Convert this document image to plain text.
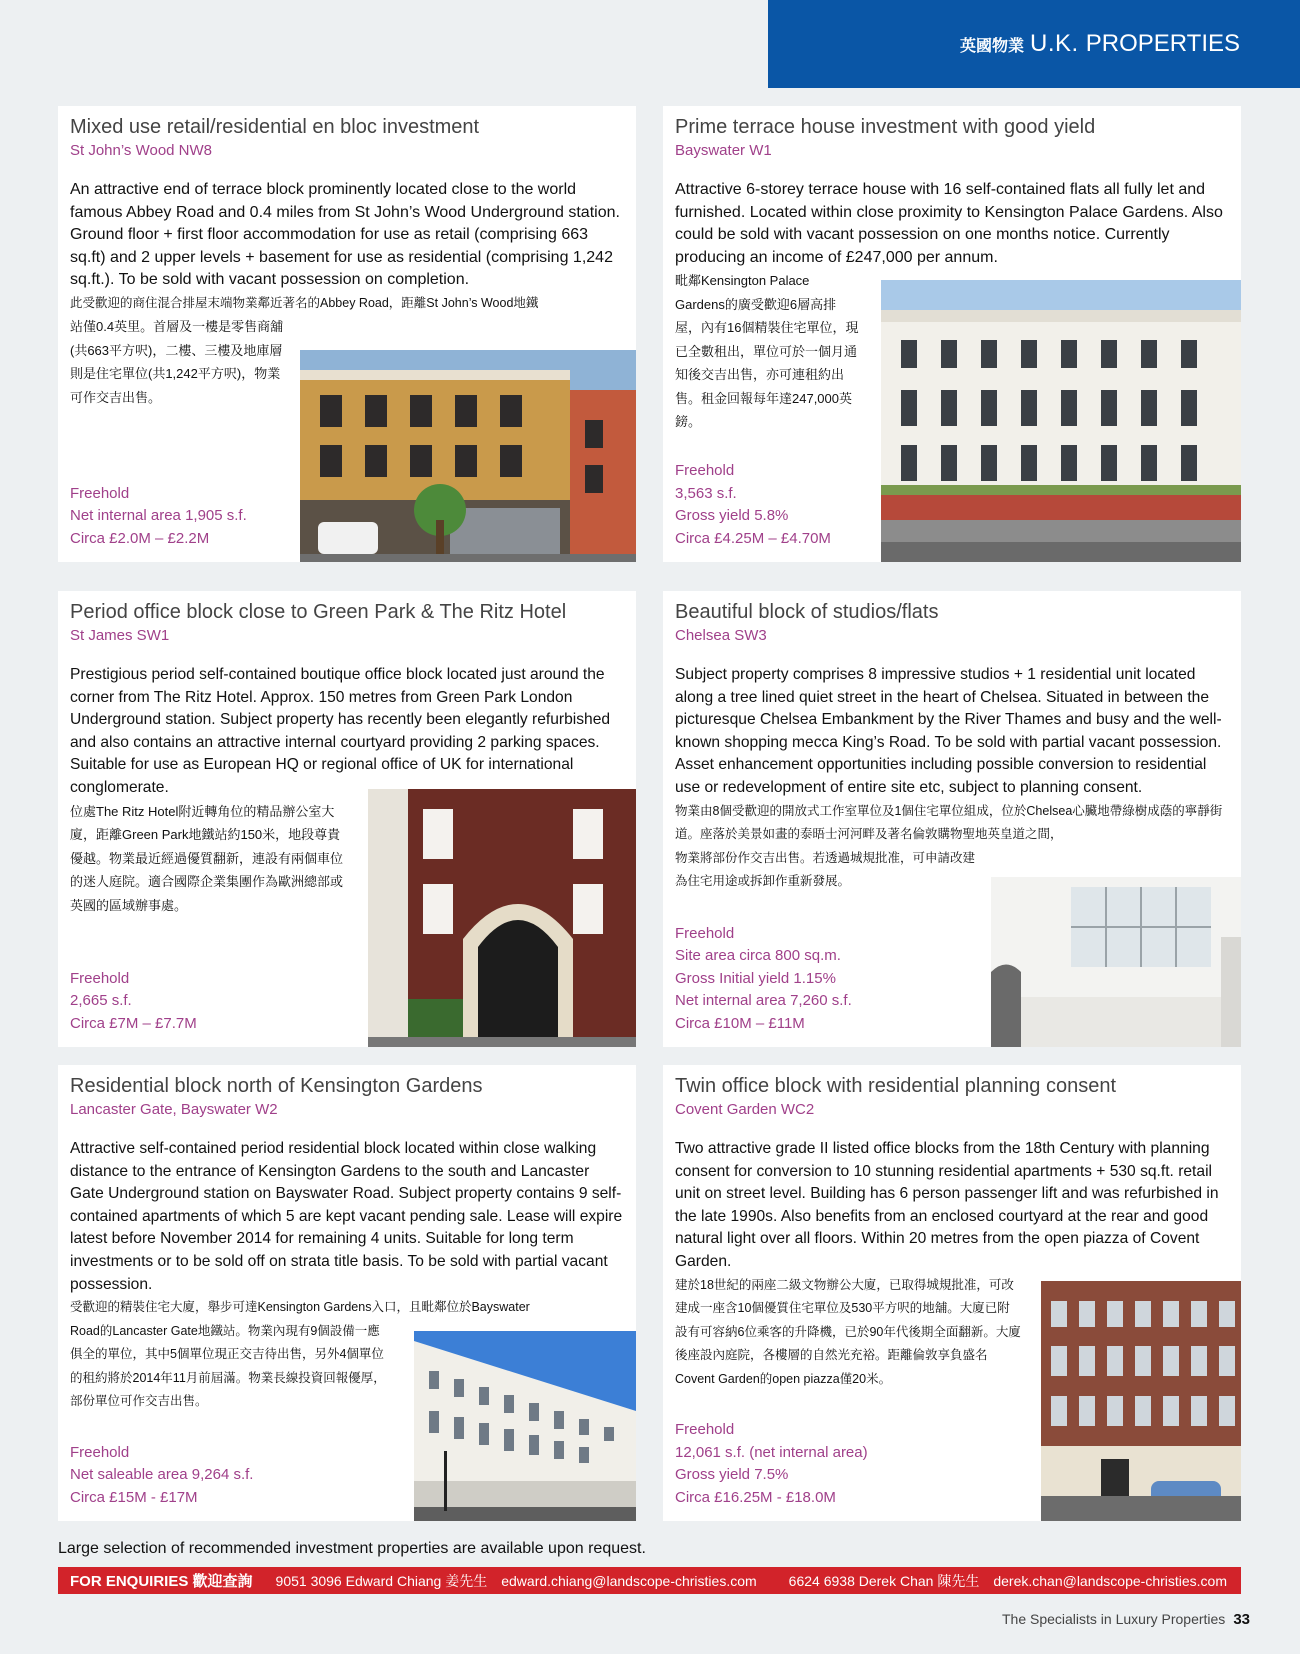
英國物業 U.K. PROPERTIES

Mixed use retail/residential en bloc investment

St John’s Wood NW8

An attractive end of terrace block prominently located close to the world famous Abbey Road and 0.4 miles from St John’s Wood Underground station. Ground floor + first floor accommodation for use as retail (comprising 663 sq.ft) and 2 upper levels + basement for use as residential (comprising 1,242 sq.ft.). To be sold with vacant possession on completion.

此受歡迎的商住混合排屋末端物業鄰近著名的Abbey Road，距離St John’s Wood地鐵

站僅0.4英里。首層及一樓是零售商舖(共663平方呎)，二樓、三樓及地庫層則是住宅單位(共1,242平方呎)，物業可作交吉出售。

Freehold
Net internal area 1,905 s.f.
Circa £2.0M – £2.2M

Prime terrace house investment with good yield

Bayswater W1

Attractive 6-storey terrace house with 16 self-contained flats all fully let and furnished. Located within close proximity to Kensington Palace Gardens. Also could be sold with vacant possession on one months notice. Currently producing an income of £247,000 per annum.

毗鄰Kensington Palace Gardens的廣受歡迎6層高排屋，內有16個精裝住宅單位，現已全數租出，單位可於一個月通知後交吉出售，亦可連租約出售。租金回報每年達247,000英鎊。

Freehold
3,563 s.f.
Gross yield 5.8%
Circa £4.25M – £4.70M

Period office block close to Green Park & The Ritz Hotel

St James SW1

Prestigious period self-contained boutique office block located just around the corner from The Ritz Hotel. Approx. 150 metres from Green Park London Underground station. Subject property has recently been elegantly refurbished and also contains an attractive internal courtyard providing 2 parking spaces. Suitable for use as European HQ or regional office of UK for international conglomerate.

位處The Ritz Hotel附近轉角位的精品辦公室大廈，距離Green Park地鐵站約150米，地段尊貴優越。物業最近經過優質翻新，連設有兩個車位的迷人庭院。適合國際企業集團作為歐洲總部或英國的區域辦事處。

Freehold
2,665 s.f.
Circa £7M – £7.7M

Beautiful block of studios/flats

Chelsea SW3

Subject property comprises 8 impressive studios + 1 residential unit located along a tree lined quiet street in the heart of Chelsea. Situated in between the picturesque Chelsea Embankment by the River Thames and busy and the well-known shopping mecca King’s Road. To be sold with partial vacant possession. Asset enhancement opportunities including possible conversion to residential use or redevelopment of entire site etc, subject to planning consent.

物業由8個受歡迎的開放式工作室單位及1個住宅單位組成，位於Chelsea心臟地帶綠樹成蔭的寧靜街道。座落於美景如畫的泰晤士河河畔及著名倫敦購物聖地英皇道之間，

物業將部份作交吉出售。若透過城規批准，可申請改建為住宅用途或拆卸作重新發展。

Freehold
Site area circa 800 sq.m.
Gross Initial yield 1.15%
Net internal area 7,260 s.f.
Circa £10M – £11M

Residential block north of Kensington Gardens

Lancaster Gate, Bayswater W2

Attractive self-contained period residential block located within close walking distance to the entrance of Kensington Gardens to the south and Lancaster Gate Underground station on Bayswater Road. Subject property contains 9 self-contained apartments of which 5 are kept vacant pending sale. Lease will expire latest before November 2014 for remaining 4 units. Suitable for long term investments or to be sold off on strata title basis. To be sold with partial vacant possession.

受歡迎的精裝住宅大廈，舉步可達Kensington Gardens入口，且毗鄰位於Bayswater

Road的Lancaster Gate地鐵站。物業內現有9個設備一應俱全的單位，其中5個單位現正交吉待出售，另外4個單位的租約將於2014年11月前屆滿。物業長線投資回報優厚，部份單位可作交吉出售。

Freehold
Net saleable area 9,264 s.f.
Circa £15M - £17M

Twin office block with residential planning consent

Covent Garden WC2

Two attractive grade II listed office blocks from the 18th Century with planning consent for conversion to 10 stunning residential apartments + 530 sq.ft. retail unit on street level. Building has 6 person passenger lift and was refurbished in the late 1990s. Also benefits from an enclosed courtyard at the rear and good natural light over all floors. Within 20 metres from the open piazza of Covent Garden.

建於18世紀的兩座二級文物辦公大廈，已取得城規批准，可改建成一座含10個優質住宅單位及530平方呎的地舖。大廈已附設有可容納6位乘客的升降機，已於90年代後期全面翻新。大廈後座設內庭院，各樓層的自然光充裕。距離倫敦享負盛名Covent Garden的open piazza僅20米。

Freehold
12,061 s.f. (net internal area)
Gross yield 7.5%
Circa £16.25M - £18.0M
Large selection of recommended investment properties are available upon request.
FOR ENQUIRIES 歡迎查詢	9051 3096 Edward Chiang 姜先生 edward.chiang@landscope-christies.com 6624 6938 Derek Chan 陳先生 derek.chan@landscope-christies.com
The Specialists in Luxury Properties 33
